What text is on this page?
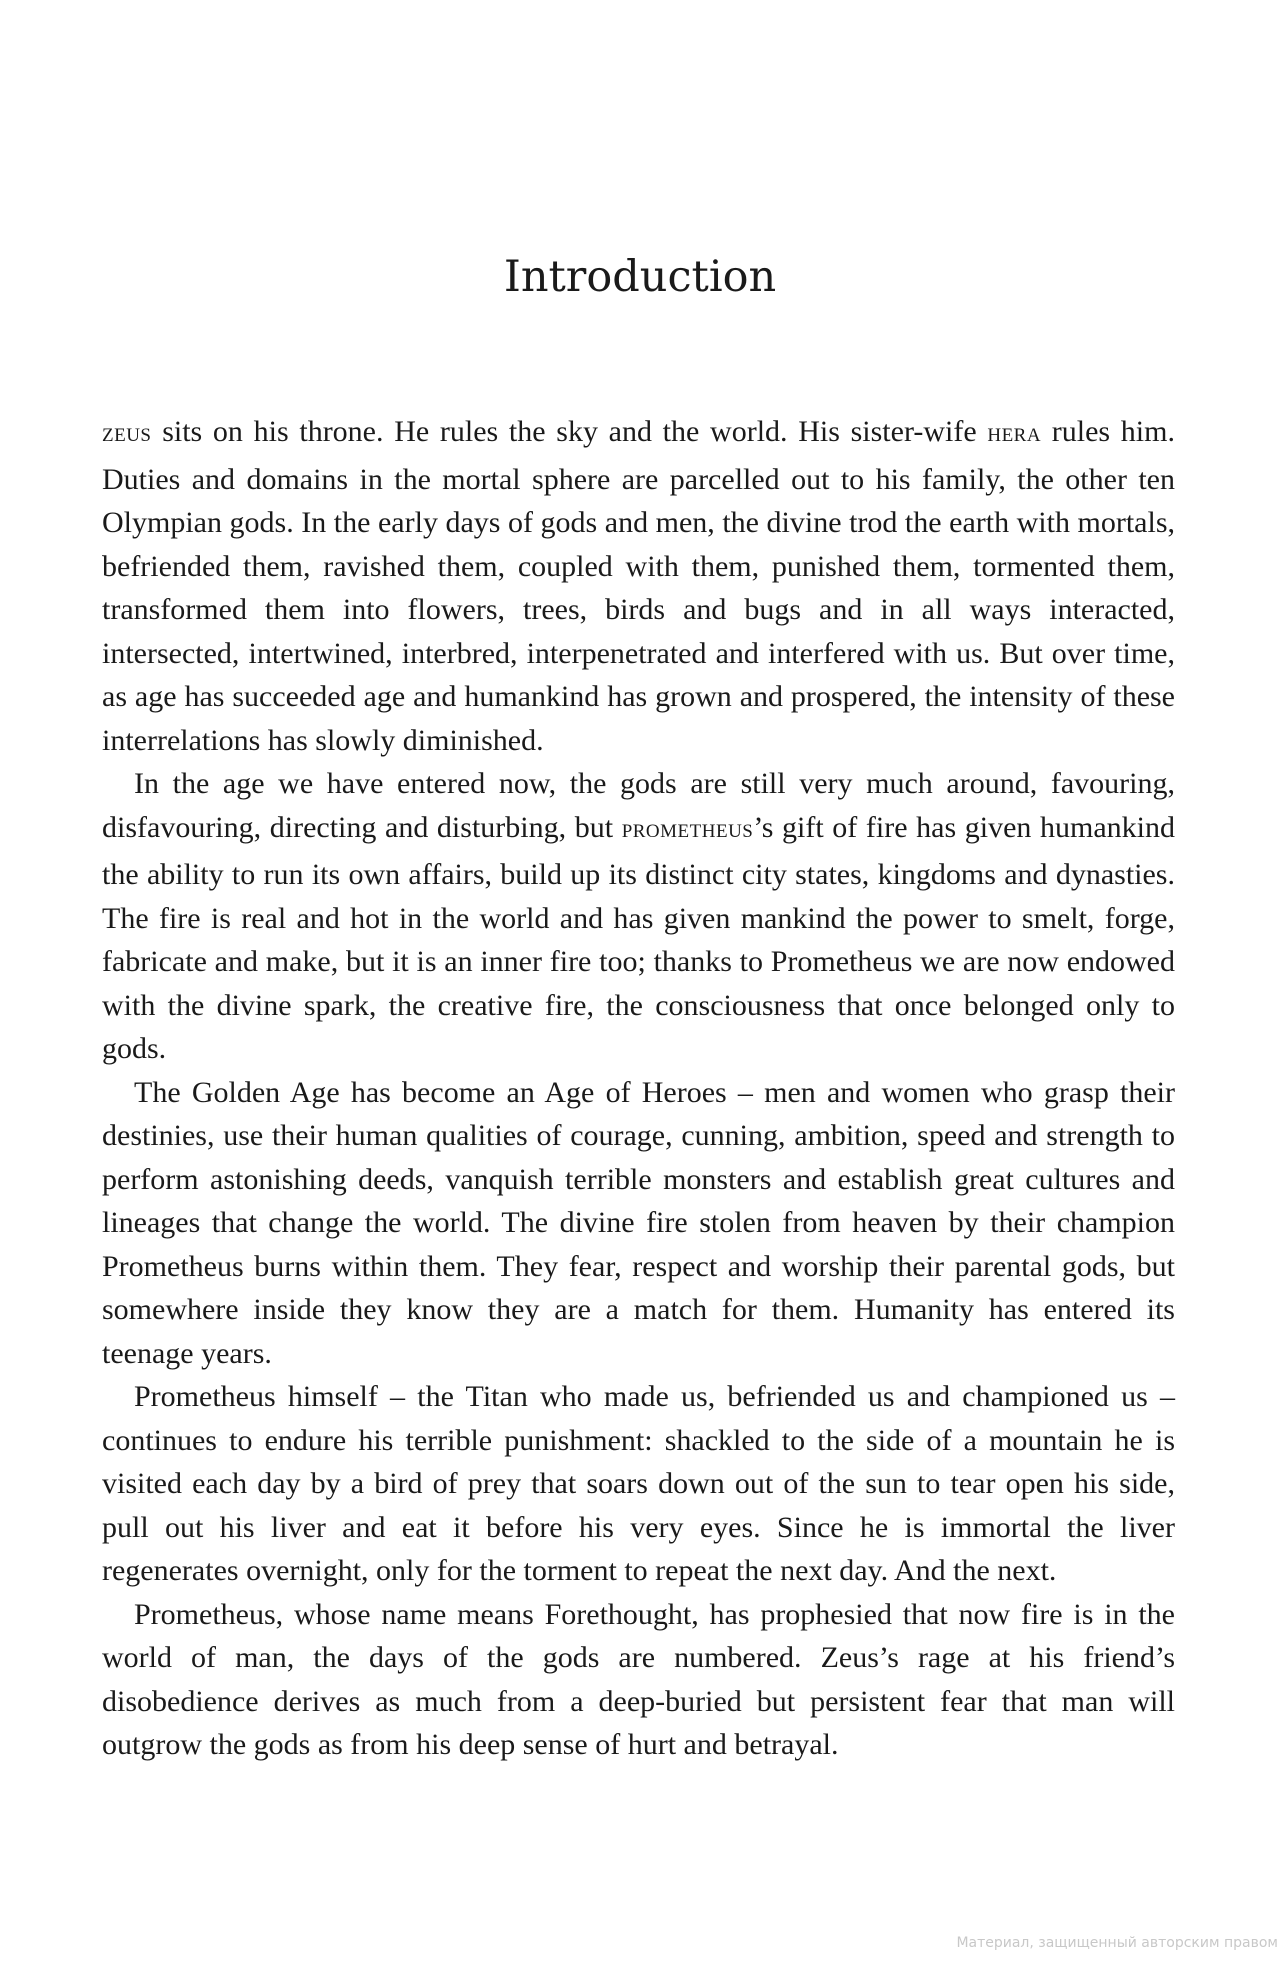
Introduction

ZEUS sits on his throne. He rules the sky and the world. His sister-wife HERA rules him. Duties and domains in the mortal sphere are parcelled out to his family, the other ten Olympian gods. In the early days of gods and men, the divine trod the earth with mortals, befriended them, ravished them, coupled with them, punished them, tormented them, transformed them into flowers, trees, birds and bugs and in all ways interacted, intersected, intertwined, interbred, interpenetrated and interfered with us. But over time, as age has succeeded age and humankind has grown and prospered, the intensity of these interrelations has slowly diminished.

In the age we have entered now, the gods are still very much around, favouring, disfavouring, directing and disturbing, but PROMETHEUS’s gift of fire has given humankind the ability to run its own affairs, build up its distinct city states, kingdoms and dynasties. The fire is real and hot in the world and has given mankind the power to smelt, forge, fabricate and make, but it is an inner fire too; thanks to Prometheus we are now endowed with the divine spark, the creative fire, the consciousness that once belonged only to gods.

The Golden Age has become an Age of Heroes – men and women who grasp their destinies, use their human qualities of courage, cunning, ambition, speed and strength to perform astonishing deeds, vanquish terrible monsters and establish great cultures and lineages that change the world. The divine fire stolen from heaven by their champion Prometheus burns within them. They fear, respect and worship their parental gods, but somewhere inside they know they are a match for them. Humanity has entered its teenage years.

Prometheus himself – the Titan who made us, befriended us and championed us – continues to endure his terrible punishment: shackled to the side of a mountain he is visited each day by a bird of prey that soars down out of the sun to tear open his side, pull out his liver and eat it before his very eyes. Since he is immortal the liver regenerates overnight, only for the torment to repeat the next day. And the next.

Prometheus, whose name means Forethought, has prophesied that now fire is in the world of man, the days of the gods are numbered. Zeus’s rage at his friend’s disobedience derives as much from a deep-buried but persistent fear that man will outgrow the gods as from his deep sense of hurt and betrayal.

Материал, защищенный авторским правом
